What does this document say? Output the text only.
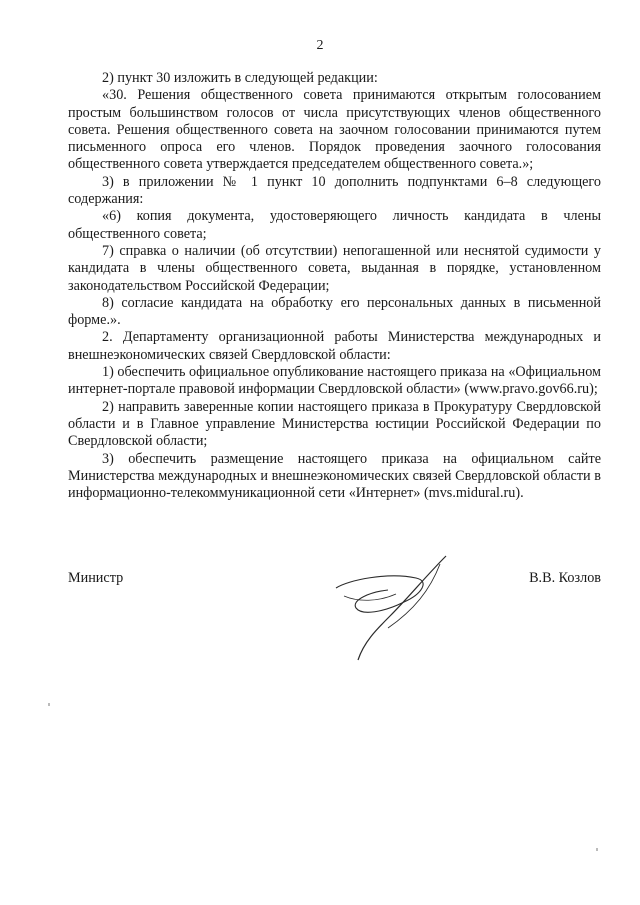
2

2) пункт 30 изложить в следующей редакции:

«30. Решения общественного совета принимаются открытым голосованием простым большинством голосов от числа присутствующих членов общественного совета. Решения общественного совета на заочном голосовании принимаются путем письменного опроса его членов. Порядок проведения заочного голосования общественного совета утверждается председателем общественного совета.»;

3) в приложении № 1 пункт 10 дополнить подпунктами 6–8 следующего содержания:

«6) копия документа, удостоверяющего личность кандидата в члены общественного совета;

7) справка о наличии (об отсутствии) непогашенной или неснятой судимости у кандидата в члены общественного совета, выданная в порядке, установленном законодательством Российской Федерации;

8) согласие кандидата на обработку его персональных данных в письменной форме.».

2. Департаменту организационной работы Министерства международных и внешнеэкономических связей Свердловской области:

1) обеспечить официальное опубликование настоящего приказа на «Официальном интернет-портале правовой информации Свердловской области» (www.pravo.gov66.ru);

2) направить заверенные копии настоящего приказа в Прокуратуру Свердловской области и в Главное управление Министерства юстиции Российской Федерации по Свердловской области;

3) обеспечить размещение настоящего приказа на официальном сайте Министерства международных и внешнеэкономических связей Свердловской области в информационно-телекоммуникационной сети «Интернет» (mvs.midural.ru).

Министр	В.В. Козлов
